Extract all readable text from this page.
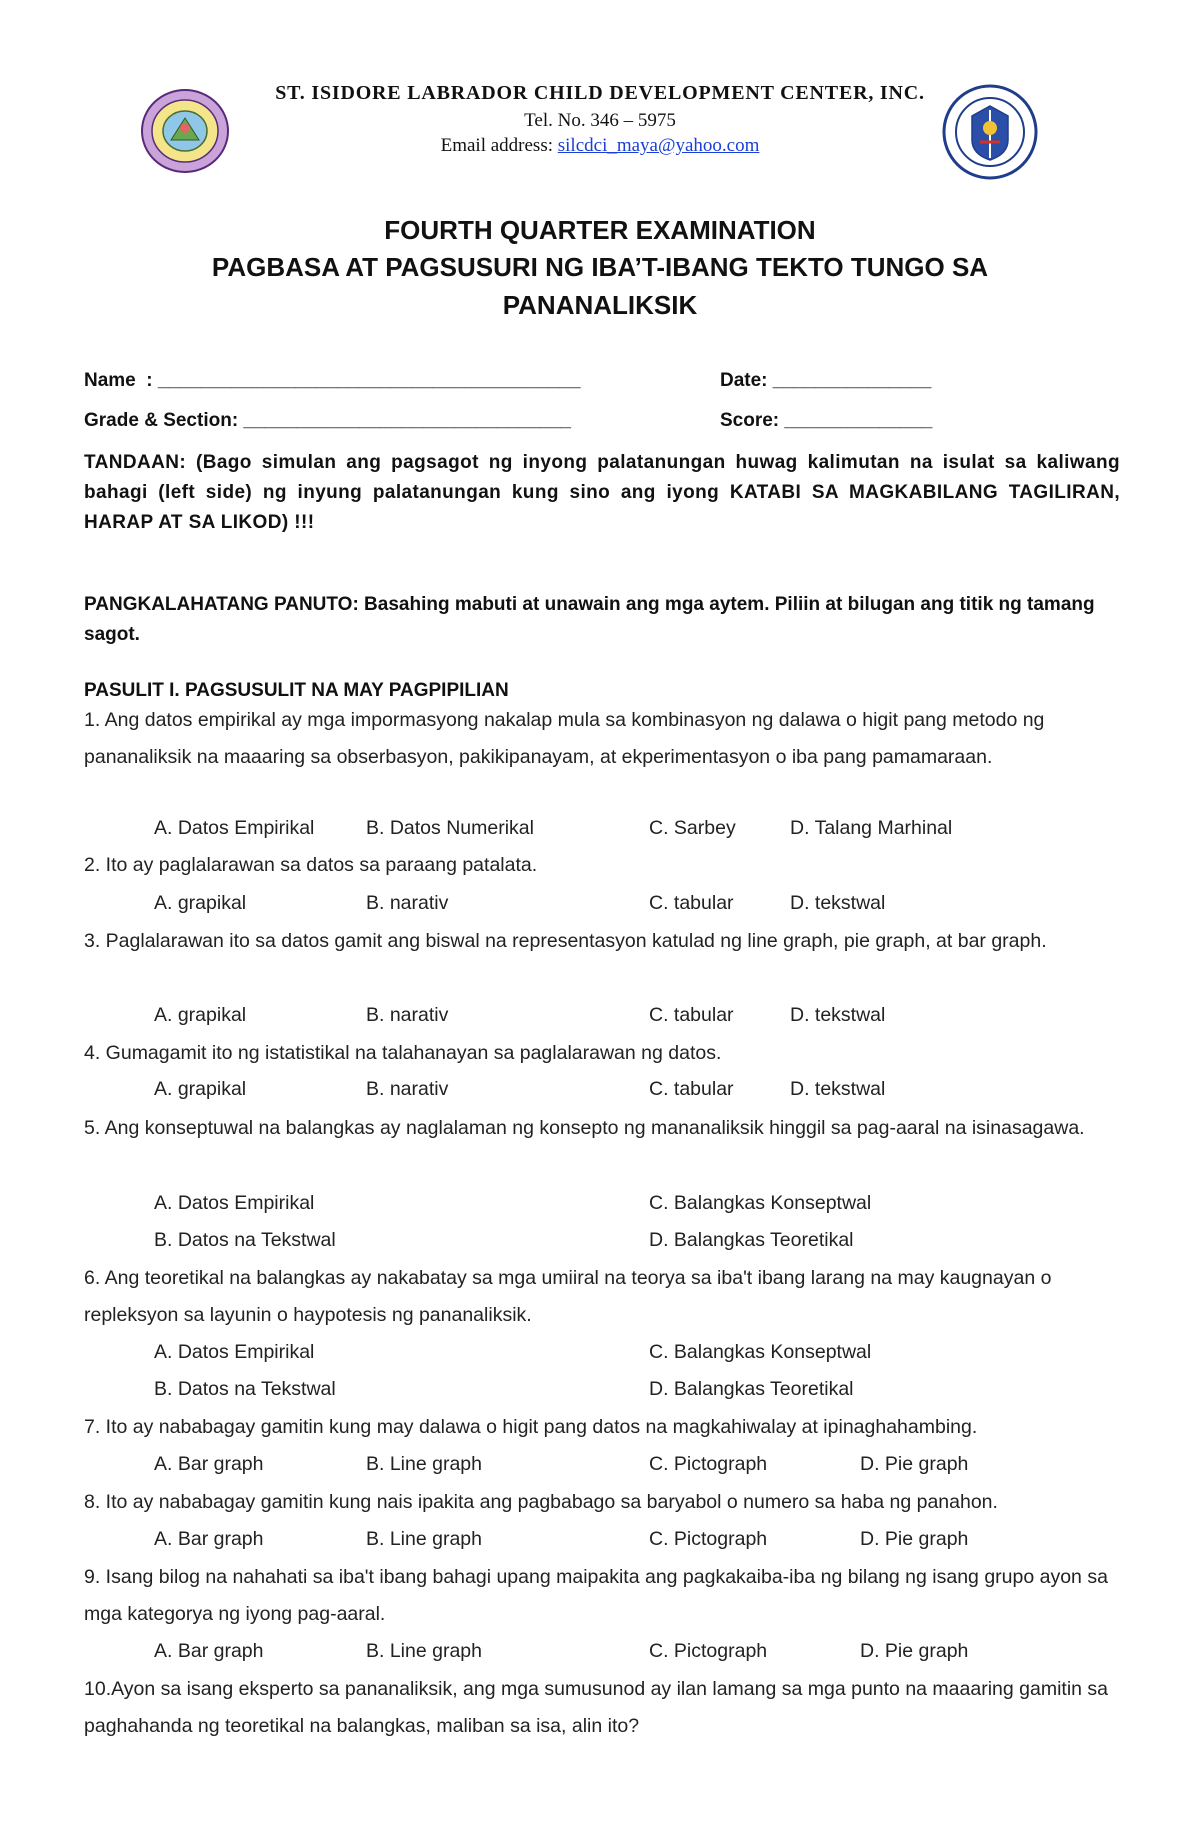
ST. ISIDORE LABRADOR CHILD DEVELOPMENT CENTER, INC.
Tel. No. 346 – 5975
Email address: silcdci_maya@yahoo.com
FOURTH QUARTER EXAMINATION
PAGBASA AT PAGSUSURI NG IBA’T-IBANG TEKTO TUNGO SA
PANANALIKSIK
Name  : ________________________________________	Date: _______________
Grade & Section: _______________________________	Score: ______________
TANDAAN: (Bago simulan ang pagsagot ng inyong palatanungan huwag kalimutan na isulat sa kaliwang bahagi (left side) ng inyung palatanungan kung sino ang iyong KATABI SA MAGKABILANG TAGILIRAN, HARAP AT SA LIKOD) !!!
PANGKALAHATANG PANUTO: Basahing mabuti at unawain ang mga aytem. Piliin at bilugan ang titik ng tamang sagot.
PASULIT I. PAGSUSULIT NA MAY PAGPIPILIAN
1. Ang datos empirikal ay mga impormasyong nakalap mula sa kombinasyon ng dalawa o higit pang metodo ng pananaliksik na maaaring sa obserbasyon, pakikipanayam, at ekperimentasyon o iba pang pamamaraan.
A. Datos Empirikal	B. Datos Numerikal	C. Sarbey	D. Talang Marhinal
2. Ito ay paglalarawan sa datos sa paraang patalata.
A. grapikal	B. narativ	C. tabular	D. tekstwal
3. Paglalarawan ito sa datos gamit ang biswal na representasyon katulad ng line graph, pie graph, at bar graph.
A. grapikal	B. narativ	C. tabular	D. tekstwal
4. Gumagamit ito ng istatistikal na talahanayan sa paglalarawan ng datos.
A. grapikal	B. narativ	C. tabular	D. tekstwal
5. Ang konseptuwal na balangkas ay naglalaman ng konsepto ng mananaliksik hinggil sa pag-aaral na isinasagawa.
A. Datos Empirikal	C. Balangkas Konseptwal
B. Datos na Tekstwal	D. Balangkas Teoretikal
6. Ang teoretikal na balangkas ay nakabatay sa mga umiiral na teorya sa iba't ibang larang na may kaugnayan o repleksyon sa layunin o haypotesis ng pananaliksik.
A. Datos Empirikal	C. Balangkas Konseptwal
B. Datos na Tekstwal	D. Balangkas Teoretikal
7. Ito ay nababagay gamitin kung may dalawa o higit pang datos na magkahiwalay at ipinaghahambing.
A. Bar graph	B. Line graph	C. Pictograph	D. Pie graph
8. Ito ay nababagay gamitin kung nais ipakita ang pagbabago sa baryabol o numero sa haba ng panahon.
A. Bar graph	B. Line graph	C. Pictograph	D. Pie graph
9. Isang bilog na nahahati sa iba't ibang bahagi upang maipakita ang pagkakaiba-iba ng bilang ng isang grupo ayon sa mga kategorya ng iyong pag-aaral.
A. Bar graph	B. Line graph	C. Pictograph	D. Pie graph
10.Ayon sa isang eksperto sa pananaliksik, ang mga sumusunod ay ilan lamang sa mga punto na maaaring gamitin sa paghahanda ng teoretikal na balangkas, maliban sa isa, alin ito?
